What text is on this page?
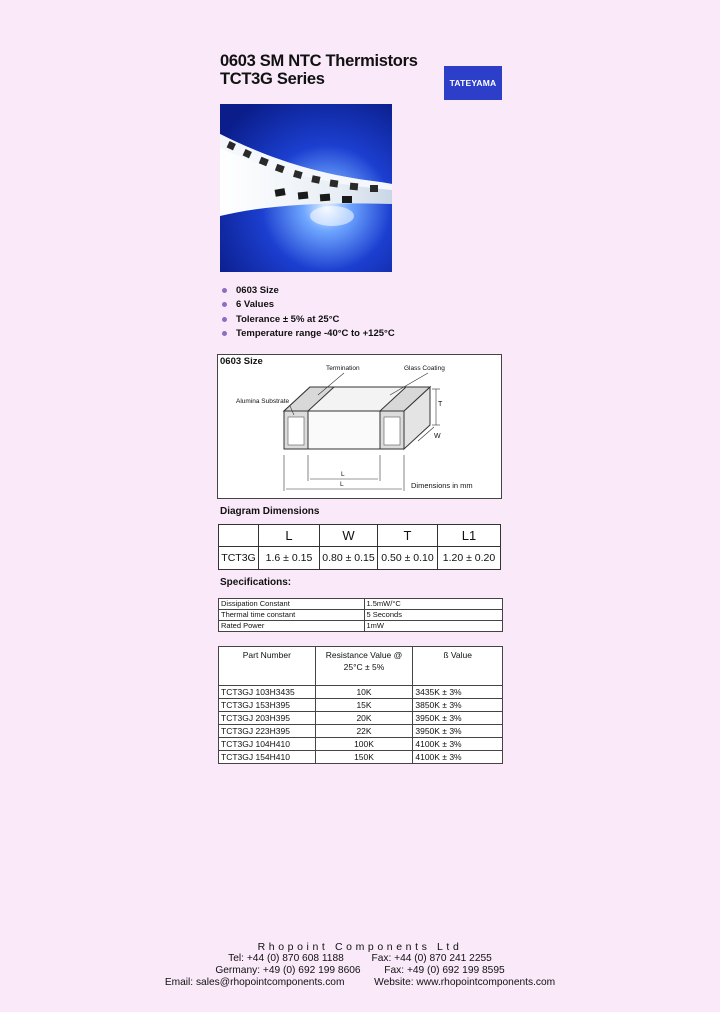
0603 SM NTC Thermistors
TCT3G Series	TATEYAMA
0603 Size
6 Values
Tolerance ± 5% at 25°C
Temperature range -40°C to +125°C
0603 Size
Termination	Glass Coating
Alumina Substrate	T
W
L
L	Dimensions in mm
Diagram Dimensions
	L	W	T	L1
TCT3G	1.6 ± 0.15	0.80 ± 0.15	0.50 ± 0.10	1.20 ± 0.20
Specifications:
Dissipation Constant	1.5mW/°C
Thermal time constant	5 Seconds
Rated Power	1mW
Part Number	Resistance Value @ 25°C ± 5%	ß Value
TCT3GJ 103H3435	10K	3435K ± 3%
TCT3GJ 153H395	15K	3850K ± 3%
TCT3GJ 203H395	20K	3950K ± 3%
TCT3GJ 223H395	22K	3950K ± 3%
TCT3GJ 104H410	100K	4100K ± 3%
TCT3GJ 154H410	150K	4100K ± 3%
Rhopoint Components Ltd
Tel: +44 (0) 870 608 1188	Fax: +44 (0) 870 241 2255
Germany: +49 (0) 692 199 8606 Fax: +49 (0) 692 199 8595
Email: sales@rhopointcomponents.com	Website: www.rhopointcomponents.com
